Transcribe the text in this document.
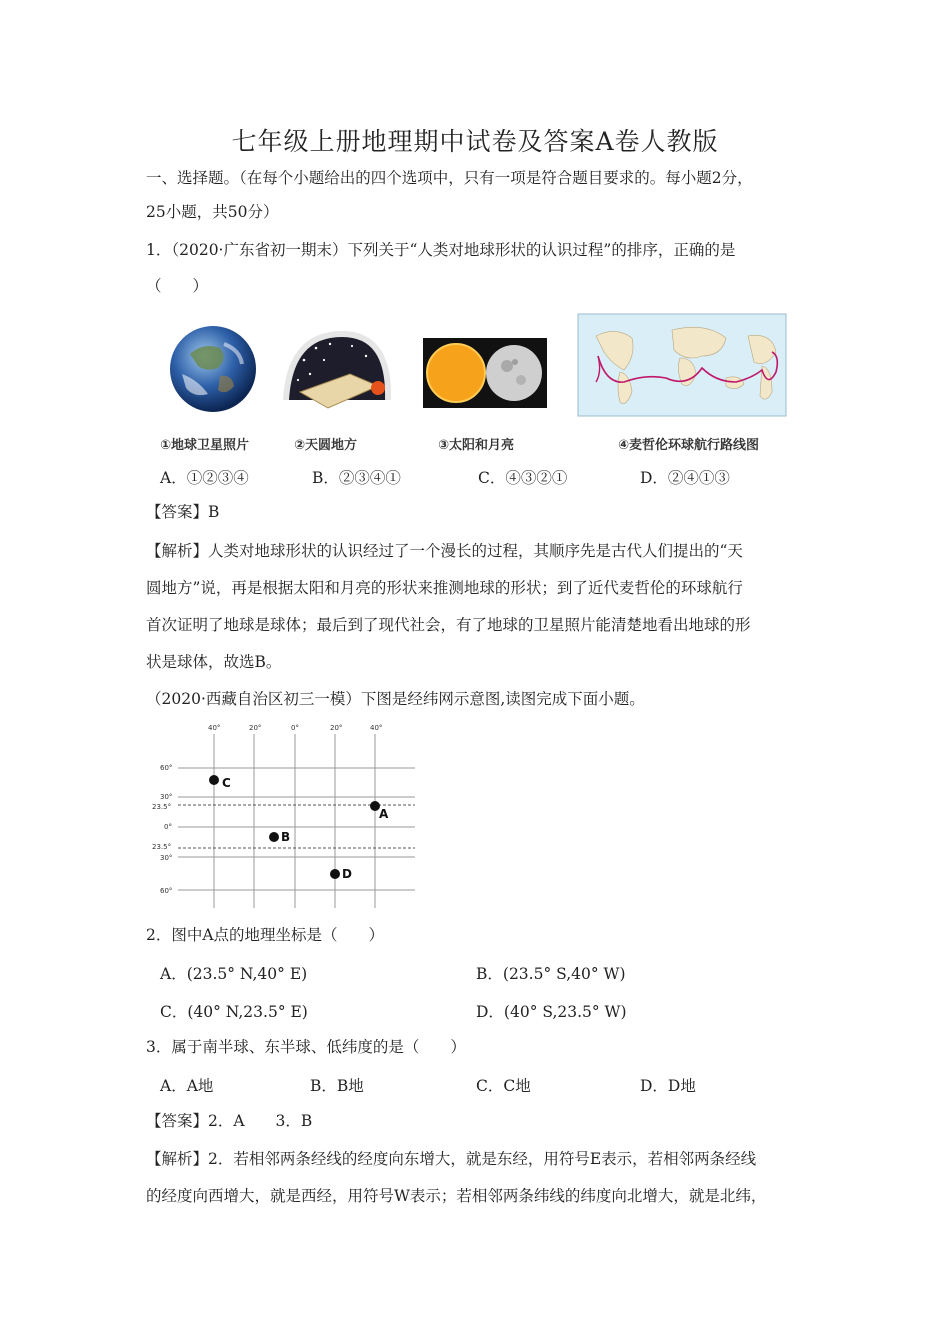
七年级上册地理期中试卷及答案A卷人教版
一、选择题。（在每个小题给出的四个选项中，只有一项是符合题目要求的。每小题2分，
25小题，共50分）
1．（2020·广东省初一期末）下列关于“人类对地球形状的认识过程”的排序，正确的是
（　　）
①地球卫星照片	②天圆地方	③太阳和月亮	④麦哲伦环球航行路线图
A．①②③④	B．②③④①	C．④③②①	D．②④①③
【答案】B
【解析】人类对地球形状的认识经过了一个漫长的过程，其顺序先是古代人们提出的“天
圆地方”说，再是根据太阳和月亮的形状来推测地球的形状；到了近代麦哲伦的环球航行
首次证明了地球是球体；最后到了现代社会，有了地球的卫星照片能清楚地看出地球的形
状是球体，故选B。
（2020·西藏自治区初三一模）下图是经纬网示意图,读图完成下面小题。
40°	20°	0°	20°	40°
60°
30°
23.5°
0°
23.5°
30°
60°
C
A
B
D
2．图中A点的地理坐标是（　　）
A．(23.5° N,40° E)	B．(23.5° S,40° W)
C．(40° N,23.5° E)	D．(40° S,23.5° W)
3．属于南半球、东半球、低纬度的是（　　）
A．A地	B．B地	C．C地	D．D地
【答案】2．A　　3．B
【解析】2．若相邻两条经线的经度向东增大，就是东经，用符号E表示，若相邻两条经线
的经度向西增大，就是西经，用符号W表示；若相邻两条纬线的纬度向北增大，就是北纬，
